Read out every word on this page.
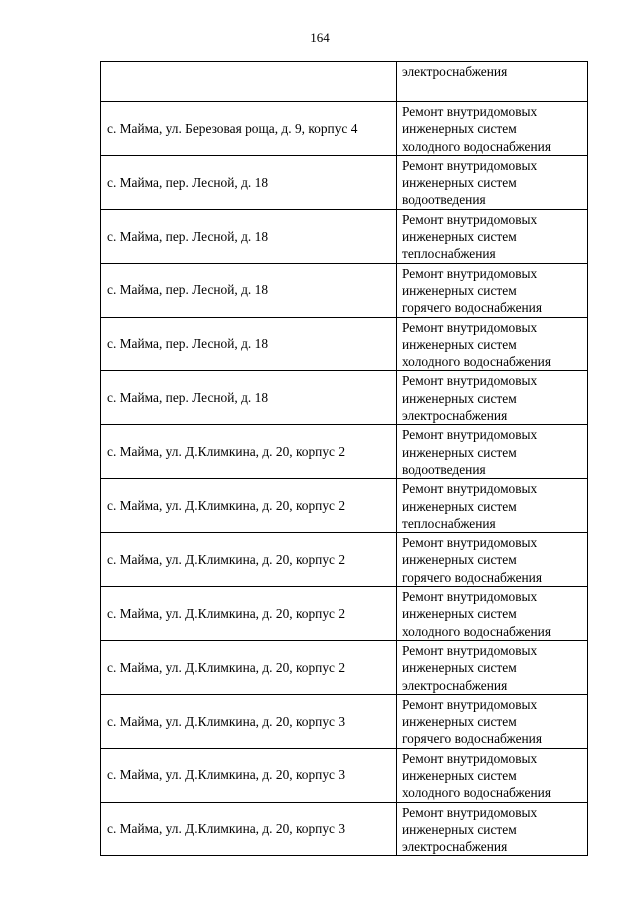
164

	электроснабжения

с. Майма, ул. Березовая роща, д. 9, корпус 4	Ремонт внутридомовых
инженерных систем
холодного водоснабжения

с. Майма, пер. Лесной, д. 18	Ремонт внутридомовых
инженерных систем
водоотведения

с. Майма, пер. Лесной, д. 18	Ремонт внутридомовых
инженерных систем
теплоснабжения

с. Майма, пер. Лесной, д. 18	Ремонт внутридомовых
инженерных систем
горячего водоснабжения

с. Майма, пер. Лесной, д. 18	Ремонт внутридомовых
инженерных систем
холодного водоснабжения

с. Майма, пер. Лесной, д. 18	Ремонт внутридомовых
инженерных систем
электроснабжения

с. Майма, ул. Д.Климкина, д. 20, корпус 2	Ремонт внутридомовых
инженерных систем
водоотведения

с. Майма, ул. Д.Климкина, д. 20, корпус 2	Ремонт внутридомовых
инженерных систем
теплоснабжения

с. Майма, ул. Д.Климкина, д. 20, корпус 2	Ремонт внутридомовых
инженерных систем
горячего водоснабжения

с. Майма, ул. Д.Климкина, д. 20, корпус 2	Ремонт внутридомовых
инженерных систем
холодного водоснабжения

с. Майма, ул. Д.Климкина, д. 20, корпус 2	Ремонт внутридомовых
инженерных систем
электроснабжения

с. Майма, ул. Д.Климкина, д. 20, корпус 3	Ремонт внутридомовых
инженерных систем
горячего водоснабжения

с. Майма, ул. Д.Климкина, д. 20, корпус 3	Ремонт внутридомовых
инженерных систем
холодного водоснабжения

с. Майма, ул. Д.Климкина, д. 20, корпус 3	Ремонт внутридомовых
инженерных систем
электроснабжения
